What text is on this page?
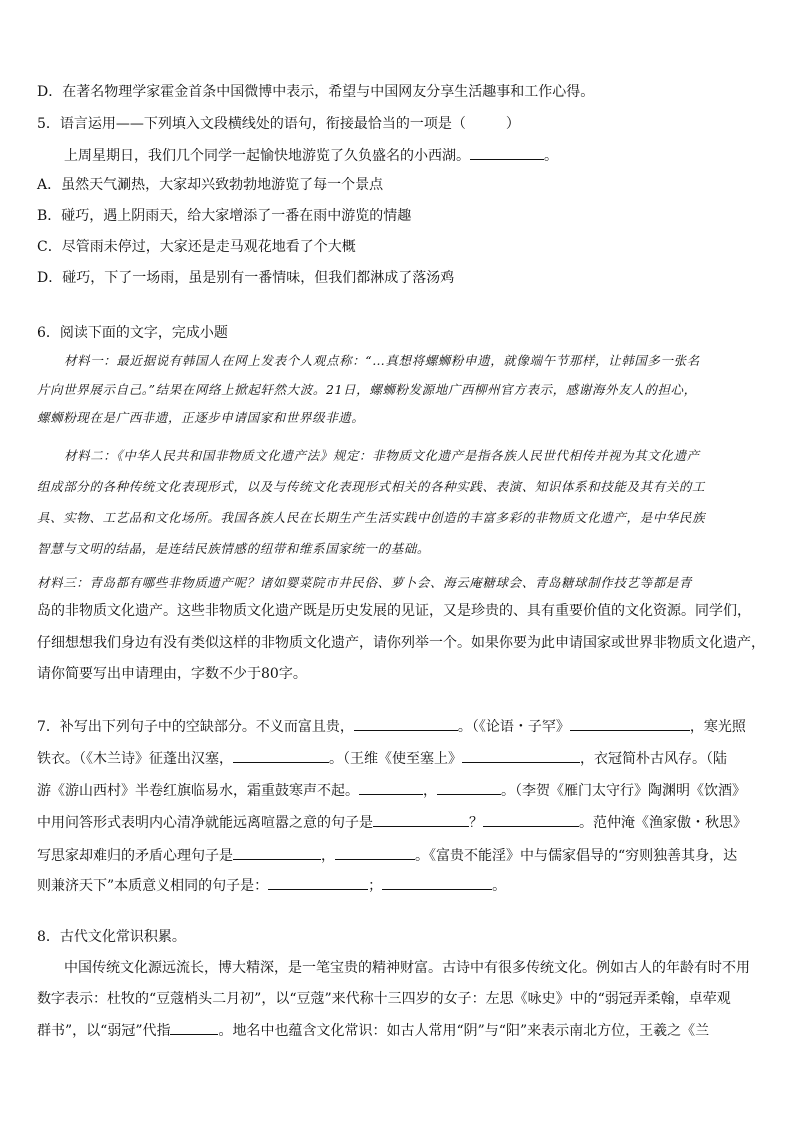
D．在著名物理学家霍金首条中国微博中表示，希望与中国网友分享生活趣事和工作心得。
5．语言运用——下列填入文段横线处的语句，衔接最恰当的一项是（	）
上周星期日，我们几个同学一起愉快地游览了久负盛名的小西湖。	。
A．虽然天气涮热，大家却兴致勃勃地游览了每一个景点
B．碰巧，遇上阴雨天，给大家增添了一番在雨中游览的情趣
C．尽管雨未停过，大家还是走马观花地看了个大概
D．碰巧，下了一场雨，虽是别有一番情味，但我们都淋成了落汤鸡
6．阅读下面的文字，完成小题
材料一：最近据说有韩国人在网上发表个人观点称：“…真想将螺蛳粉申遗，就像端午节那样，让韩国多一张名
片向世界展示自己。”结果在网络上掀起轩然大波。21日，螺蛳粉发源地广西柳州官方表示，感谢海外友人的担心，
螺蛳粉现在是广西非遗，正逐步申请国家和世界级非遗。
材料二：《中华人民共和国非物质文化遗产法》规定：非物质文化遗产是指各族人民世代相传并视为其文化遗产
组成部分的各种传统文化表现形式，以及与传统文化表现形式相关的各种实践、表演、知识体系和技能及其有关的工
具、实物、工艺品和文化场所。我国各族人民在长期生产生活实践中创造的丰富多彩的非物质文化遗产，是中华民族
智慧与文明的结晶，是连结民族情感的纽带和维系国家统一的基础。
材料三：青岛都有哪些非物质遗产呢？诸如婴菜院市井民俗、萝卜会、海云庵糖球会、青岛糖球制作技艺等都是青
岛的非物质文化遗产。这些非物质文化遗产既是历史发展的见证，又是珍贵的、具有重要价值的文化资源。同学们，
仔细想想我们身边有没有类似这样的非物质文化遗产，请你列举一个。如果你要为此申请国家或世界非物质文化遗产，
请你简要写出申请理由，字数不少于80字。
7．补写出下列句子中的空缺部分。不义而富且贵，	。（《论语・子罕》	，寒光照
铁衣。（《木兰诗》征蓬出汉塞，	。（王维《使至塞上》	，衣冠简朴古风存。（陆
游《游山西村》半卷红旗临易水，霜重鼓寒声不起。	，	。（李贺《雁门太守行》陶渊明《饮酒》
中用问答形式表明内心清净就能远离喧嚣之意的句子是	？	。范仲淹《渔家傲・秋思》
写思家却难归的矛盾心理句子是	，	。《富贵不能淫》中与儒家倡导的“穷则独善其身，达
则兼济天下”本质意义相同的句子是：	；	。
8．古代文化常识积累。
中国传统文化源远流长，博大精深，是一笔宝贵的精神财富。古诗中有很多传统文化。例如古人的年龄有时不用
数字表示：杜牧的“豆蔻梢头二月初”，以“豆蔻”来代称十三四岁的女子：左思《咏史》中的“弱冠弄柔翰，卓荦观
群书”，以“弱冠”代指	。地名中也蕴含文化常识：如古人常用“阴”与“阳”来表示南北方位，王羲之《兰
